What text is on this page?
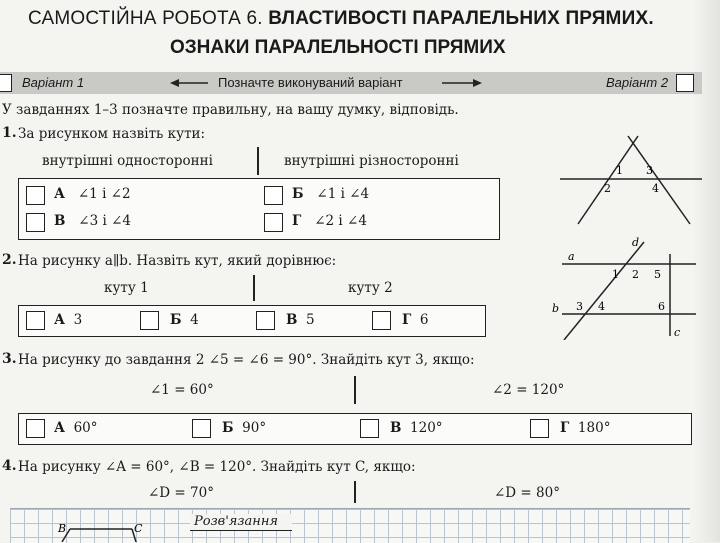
САМОСТІЙНА РОБОТА 6. ВЛАСТИВОСТІ ПАРАЛЕЛЬНИХ ПРЯМИХ.
ОЗНАКИ ПАРАЛЕЛЬНОСТІ ПРЯМИХ
Варіант 1	Позначте виконуваний варіант	Варіант 2
У завданнях 1–3 позначте правильну, на вашу думку, відповідь.
1. За рисунком назвіть кути:
внутрішні односторонні	внутрішні різносторонні
А ∠1 і ∠2	Б ∠1 і ∠4
В ∠3 і ∠4	Г ∠2 і ∠4
1 3
2	4
2. На рисунку a∥b. Назвіть кут, який дорівнює:
куту 1	куту 2
А 3	Б 4	В 5	Г 6
d
a
b
c
1 2 5
3 4	6
3. На рисунку до завдання 2 ∠5 = ∠6 = 90°. Знайдіть кут 3, якщо:
∠1 = 60°	∠2 = 120°
А 60°	Б 90°	В 120°	Г 180°
4. На рисунку ∠A = 60°, ∠B = 120°. Знайдіть кут C, якщо:
∠D = 70°	∠D = 80°
Розв'язання
B	C
